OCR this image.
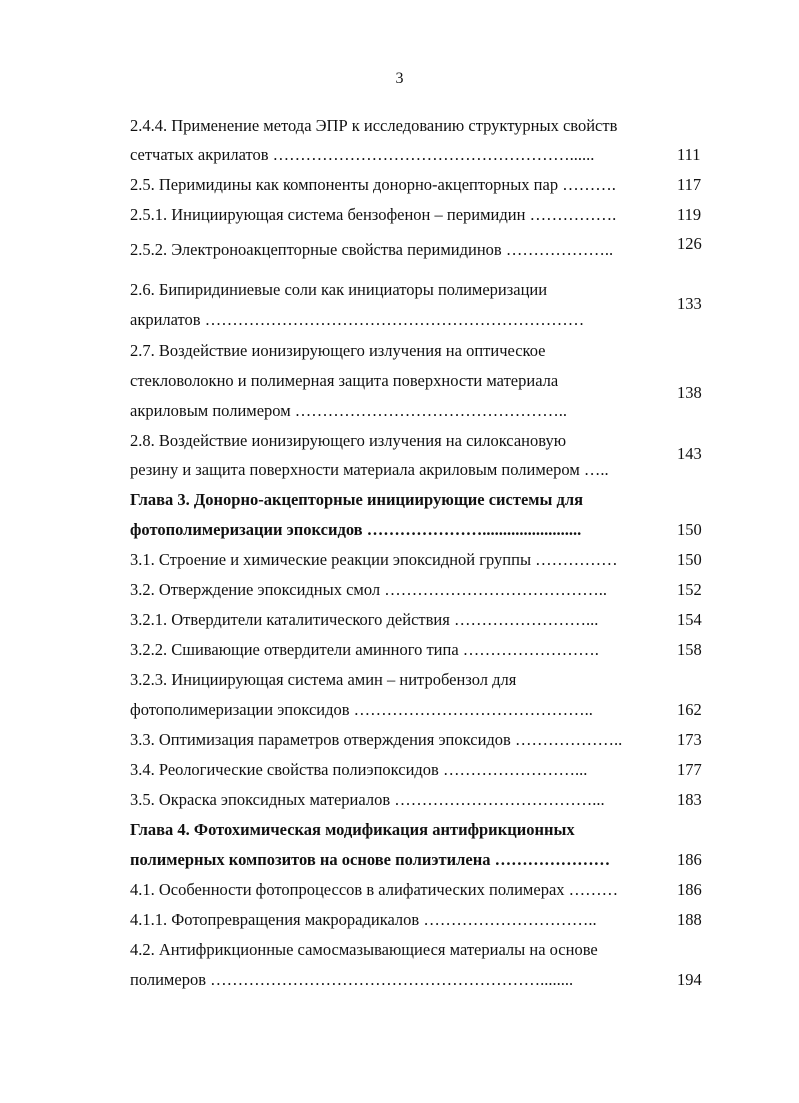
3
2.4.4. Применение метода ЭПР к исследованию структурных свойств
сетчатых акрилатов ………………………………………………......
2.5. Перимидины как компоненты донорно-акцепторных пар ……….
2.5.1. Инициирующая система бензофенон – перимидин …………….
2.5.2. Электроноакцепторные свойства перимидинов ………………..
2.6. Бипиридиниевые соли как инициаторы полимеризации
акрилатов ……………………………………………………………
2.7. Воздействие ионизирующего излучения на оптическое
стекловолокно и полимерная защита поверхности материала
акриловым полимером …………………………………………..
2.8. Воздействие ионизирующего излучения на силоксановую
резину и защита поверхности материала акриловым полимером …..
Глава 3. Донорно-акцепторные инициирующие системы для
фотополимеризации эпоксидов …………………........................
3.1. Строение и химические реакции эпоксидной группы ……………
3.2. Отверждение эпоксидных смол …………………………………..
3.2.1. Отвердители каталитического действия ……………………...
3.2.2. Сшивающие отвердители аминного типа …………………….
3.2.3. Инициирующая система амин – нитробензол для
фотополимеризации эпоксидов ……………………………………..
3.3. Оптимизация параметров отверждения эпоксидов ………………..
3.4. Реологические свойства полиэпоксидов ……………………...
3.5. Окраска эпоксидных материалов ………………………………...
Глава 4. Фотохимическая модификация антифрикционных
полимерных композитов на основе полиэтилена …………………
4.1. Особенности фотопроцессов в алифатических полимерах ………
4.1.1. Фотопревращения макрорадикалов …………………………..
4.2. Антифрикционные самосмазывающиеся материалы на основе
полимеров ……………………………………………………........
111
117
119
126
133
138
143
150
150
152
154
158
162
173
177
183
186
186
188
194
